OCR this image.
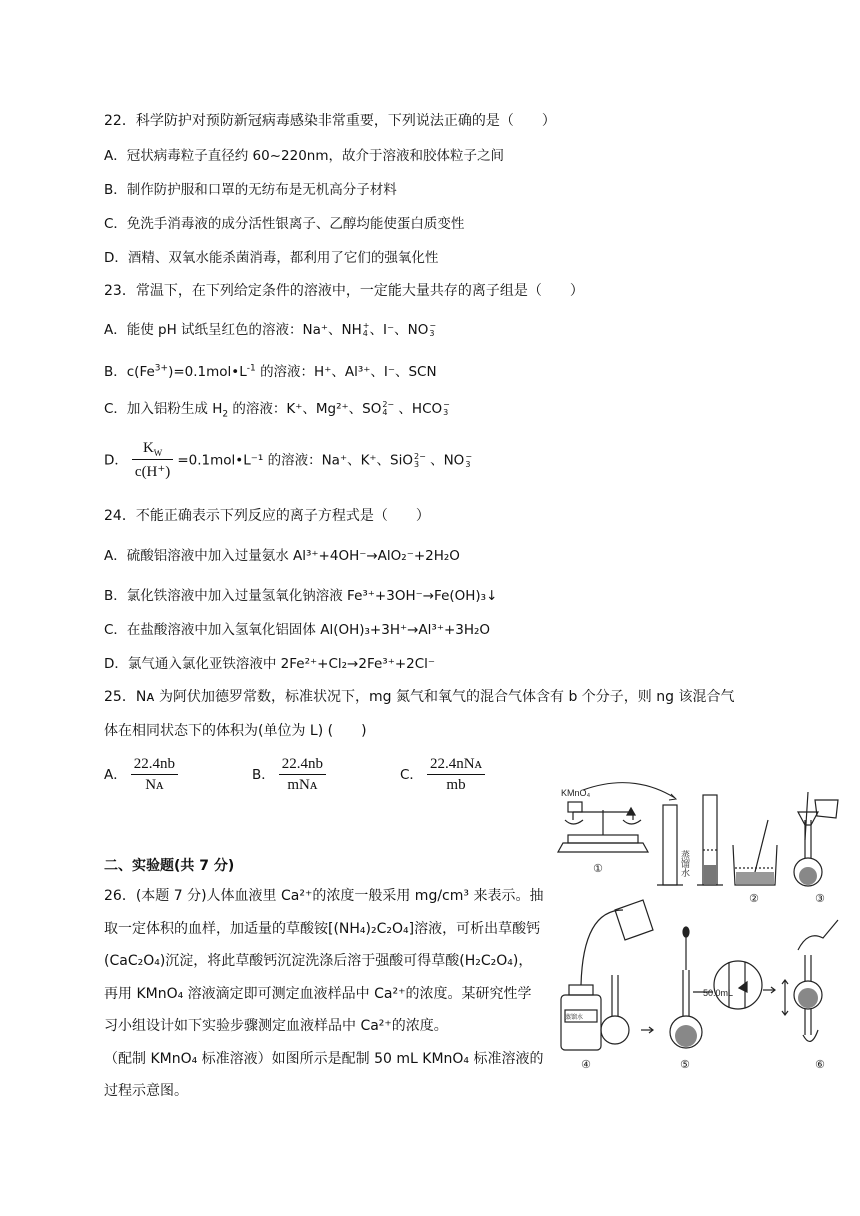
22．科学防护对预防新冠病毒感染非常重要，下列说法正确的是（　　）
A．冠状病毒粒子直径约 60~220nm，故介于溶液和胶体粒子之间
B．制作防护服和口罩的无纺布是无机高分子材料
C．免洗手消毒液的成分活性银离子、乙醇均能使蛋白质变性
D．酒精、双氧水能杀菌消毒，都利用了它们的强氧化性
23．常温下，在下列给定条件的溶液中，一定能大量共存的离子组是（　　）
A．能使 pH 试纸呈红色的溶液：Na⁺、NH +
4 、I⁻、NO −
3
B．$c(Fe^{3+})=0.1mol•L^{-1}$ 的溶液：H⁺、Al³⁺、I⁻、SCN
C．加入铝粉生成 $H_2$ 的溶液：K⁺、Mg²⁺、SO 2−
4 、HCO −
3
D． $\frac{K_W}{c(H^+)}$ =0.1mol•L⁻¹ 的溶液：Na⁺、K⁺、SiO 2−
3 、NO −
3
24．不能正确表示下列反应的离子方程式是（　　）
A．硫酸铝溶液中加入过量氨水 Al³⁺+4OH⁻→AlO₂⁻+2H₂O
B．氯化铁溶液中加入过量氢氧化钠溶液 Fe³⁺+3OH⁻→Fe(OH)₃↓
C．在盐酸溶液中加入氢氧化铝固体 Al(OH)₃+3H⁺→Al³⁺+3H₂O
D．氯气通入氯化亚铁溶液中 2Fe²⁺+Cl₂→2Fe³⁺+2Cl⁻
25．Nᴀ 为阿伏加德罗常数，标准状况下，mg 氮气和氧气的混合气体含有 b 个分子，则 ng 该混合气
体在相同状态下的体积为(单位为 L) (　　)
A． $\frac{22.4nb}{\text{Nᴀ}}$	B． $\frac{22.4nb}{\text{mNᴀ}}$	C． $\frac{\text{22.4nNᴀ}}{mb}$
二、实验题(共 7 分)
26．(本题 7 分)人体血液里 Ca²⁺的浓度一般采用 mg/cm³ 来表示。抽取一定体积的血样，加适量的草酸铵[(NH₄)₂C₂O₄]溶液，可析出草酸钙(CaC₂O₄)沉淀，将此草酸钙沉淀洗涤后溶于强酸可得草酸(H₂C₂O₄)，再用 KMnO₄ 溶液滴定即可测定血液样品中 Ca²⁺的浓度。某研究性学习小组设计如下实验步骤测定血液样品中 Ca²⁺的浓度。
（配制 KMnO₄ 标准溶液）如图所示是配制 50 mL KMnO₄ 标准溶液的过程示意图。
KMnO₄
蒸馏水
50.0mL
蒸馏水
①
②	③
④	⑤	⑥
